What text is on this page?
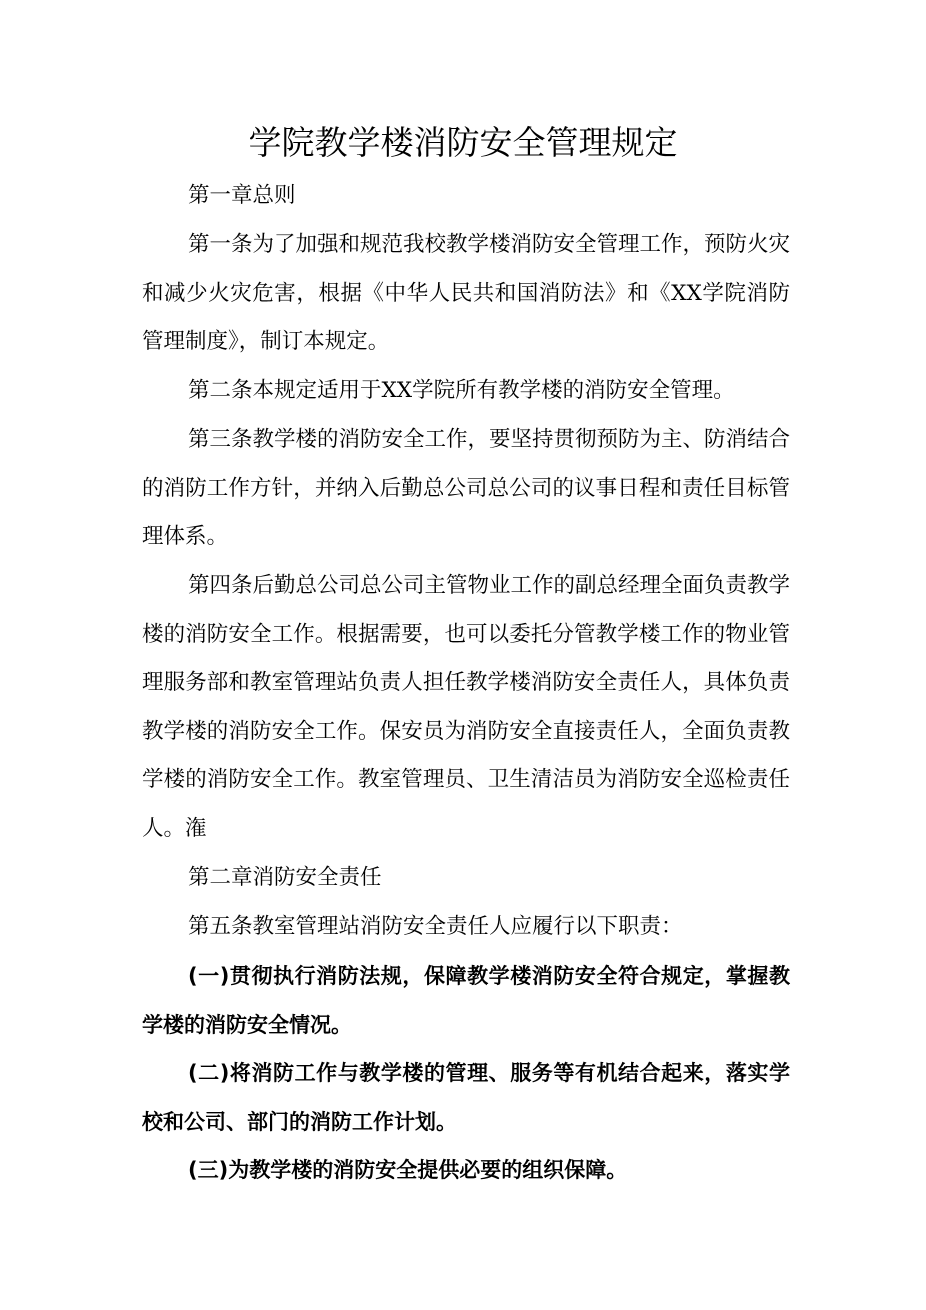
学院教学楼消防安全管理规定

第一章总则

第一条为了加强和规范我校教学楼消防安全管理工作，预防火灾和减少火灾危害，根据《中华人民共和国消防法》和《XX学院消防管理制度》，制订本规定。

第二条本规定适用于XX学院所有教学楼的消防安全管理。

第三条教学楼的消防安全工作，要坚持贯彻预防为主、防消结合的消防工作方针，并纳入后勤总公司总公司的议事日程和责任目标管理体系。

第四条后勤总公司总公司主管物业工作的副总经理全面负责教学楼的消防安全工作。根据需要，也可以委托分管教学楼工作的物业管理服务部和教室管理站负责人担任教学楼消防安全责任人，具体负责教学楼的消防安全工作。保安员为消防安全直接责任人，全面负责教学楼的消防安全工作。教室管理员、卫生清洁员为消防安全巡检责任人。潅

第二章消防安全责任

第五条教室管理站消防安全责任人应履行以下职责：

(一)贯彻执行消防法规，保障教学楼消防安全符合规定，掌握教学楼的消防安全情况。

(二)将消防工作与教学楼的管理、服务等有机结合起来，落实学校和公司、部门的消防工作计划。

(三)为教学楼的消防安全提供必要的组织保障。
